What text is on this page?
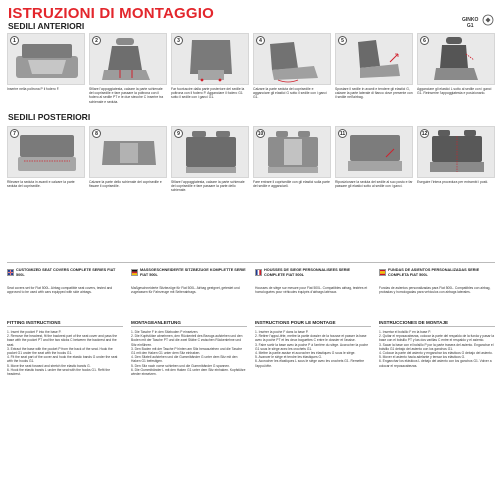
ISTRUZIONI DI MONTAGGIO
SEDILI ANTERIORI
GINKO
G1
1
Inserire nella poltrona P il fodero F.
2
Sfilare l'appoggiatesta, calzare la parte schienale del coprisedile e fare passare la poltrona con il fodero al sedile PT e le due stecche C inserire tra schienale e seduta.
3
Far fuoriuscire dalla parte posteriore del sedile la poltrona con il fodero P. Agganciare il fodero G1 sotto il sedile con i ganci G1.
4
Calzare la parte seduta del coprisedile e agganciare gli elastici G sotto il sedile con i ganci G1.
5
Spostare il sedile in avanti e tendere gli elastici G, calzare la parte laterale di fianco dove presente con il sedile nell'airbag.
6
Agganciare gli elastici L sotto al sedile con i ganci G1. Reinserire l'appoggiatesta e posizionarlo.
SEDILI POSTERIORI
7
Rilevare la seduta in avanti e calzare la parte seduta del coprisedile.
8
Calzare la parte dello schienale del coprisedile e fissare il coprisedile.
9
Sfilare l'appoggiatesta, calzare la parte schienale del coprisedile e fare passare la parte dello schienale.
10
Fare entrare il coprisedile con gli elastici sulla parte del sedile e agganciarli.
11
Riposizionare la seduta del sedile al suo posto e far passare gli elastici sotto al sedile con i ganci.
12
Eseguire l'intera procedura per entrambi i posti.
CUSTOMIZED SEAT COVERS COMPLETE SERIES FIAT 500L
Seat covers set for Fiat 500L. Airbag compatible seat covers, tested and approved to be used with cars equipped with side airbags.
FITTING INSTRUCTIONS

1. Insert the pocket F into the base P.

2. Remove the headrest, fit the backrest part of the seat cover and pass the base with the pocket PT and the two sticks C between the backrest and the seat.

3. Extract the base with the pocket P from the back of the seat. Hook the pocket G1 under the seat with the hooks G1.

4. Fit the seat part of the cover and hook the elastic bands G under the seat with the hooks G1.

5. Move the seat forward and stretch the elastic bands G.

6. Hook the elastic bands L under the seat with the hooks G1. Refit the headrest.

MASSGESCHNEIDERTE SITZBEZÜGE KOMPLETTE SERIE FIAT 500L
Maßgeschneiderte Sitzbezüge für Fiat 500L. Airbag geeignet, getestet und zugelassen für Fahrzeuge mit Seitenairbags.
MONTAGEANLEITUNG

1. Die Tasche F in den Sitzboden P einsetzen.

2. Die Kopfstütze abnehmen, den Rückenteil des Bezugs aufziehen und den Boden mit der Tasche PT und die zwei Stäbe C zwischen Rückenlehne und Sitz einführen.

3. Den Boden mit der Tasche P hinten am Sitz herausziehen und die Tasche G1 mit den Haken G1 unter dem Sitz einhaken.

4. Den Sitzteil aufziehen und die Gummibänder G unter dem Sitz mit den Haken G1 befestigen.

5. Den Sitz nach vorne schieben und die Gummibänder G spannen.

6. Die Gummibänder L mit den Haken G1 unter dem Sitz einhaken. Kopfstütze wieder einsetzen.

HOUSSES DE SIEGE PERSONNALISEES SERIE COMPLETE FIAT 500L
Housses de siège sur mesure pour Fiat 500L. Compatibles airbag, testées et homologuées pour véhicules équipés d'airbags latéraux.
INSTRUCTIONS POUR LE MONTAGE

1. Insérer la poche F dans la base P.

2. Retirer l'appui-tête, mettre la partie dossier de la housse et passer la base avec la poche PT et les deux baguettes C entre le dossier et l'assise.

3. Faire sortir la base avec la poche P à l'arrière du siège. Accrocher la poche G1 sous le siège avec les crochets G1.

4. Mettre la partie assise et accrocher les élastiques G sous le siège.

5. Avancer le siège et tendre les élastiques G.

6. Accrocher les élastiques L sous le siège avec les crochets G1. Remettre l'appui-tête.

FUNDAS DE ASIENTOS PERSONALIZADAS SERIE COMPLETA FIAT 500L
Fundas de asientos personalizadas para Fiat 500L. Compatibles con airbag, probadas y homologadas para vehículos con airbags laterales.
INSTRUCCIONES DE MONTAJE

1. Insertar el bolsillo F en la base P.

2. Quitar el reposacabezas, colocar la parte del respaldo de la funda y pasar la base con el bolsillo PT y las dos varillas C entre el respaldo y el asiento.

3. Sacar la base con el bolsillo P por la parte trasera del asiento. Enganchar el bolsillo G1 debajo del asiento con los ganchos G1.

4. Colocar la parte del asiento y enganchar los elásticos G debajo del asiento.

5. Mover el asiento hacia adelante y tensar los elásticos G.

6. Enganchar los elásticos L debajo del asiento con los ganchos G1. Volver a colocar el reposacabezas.
